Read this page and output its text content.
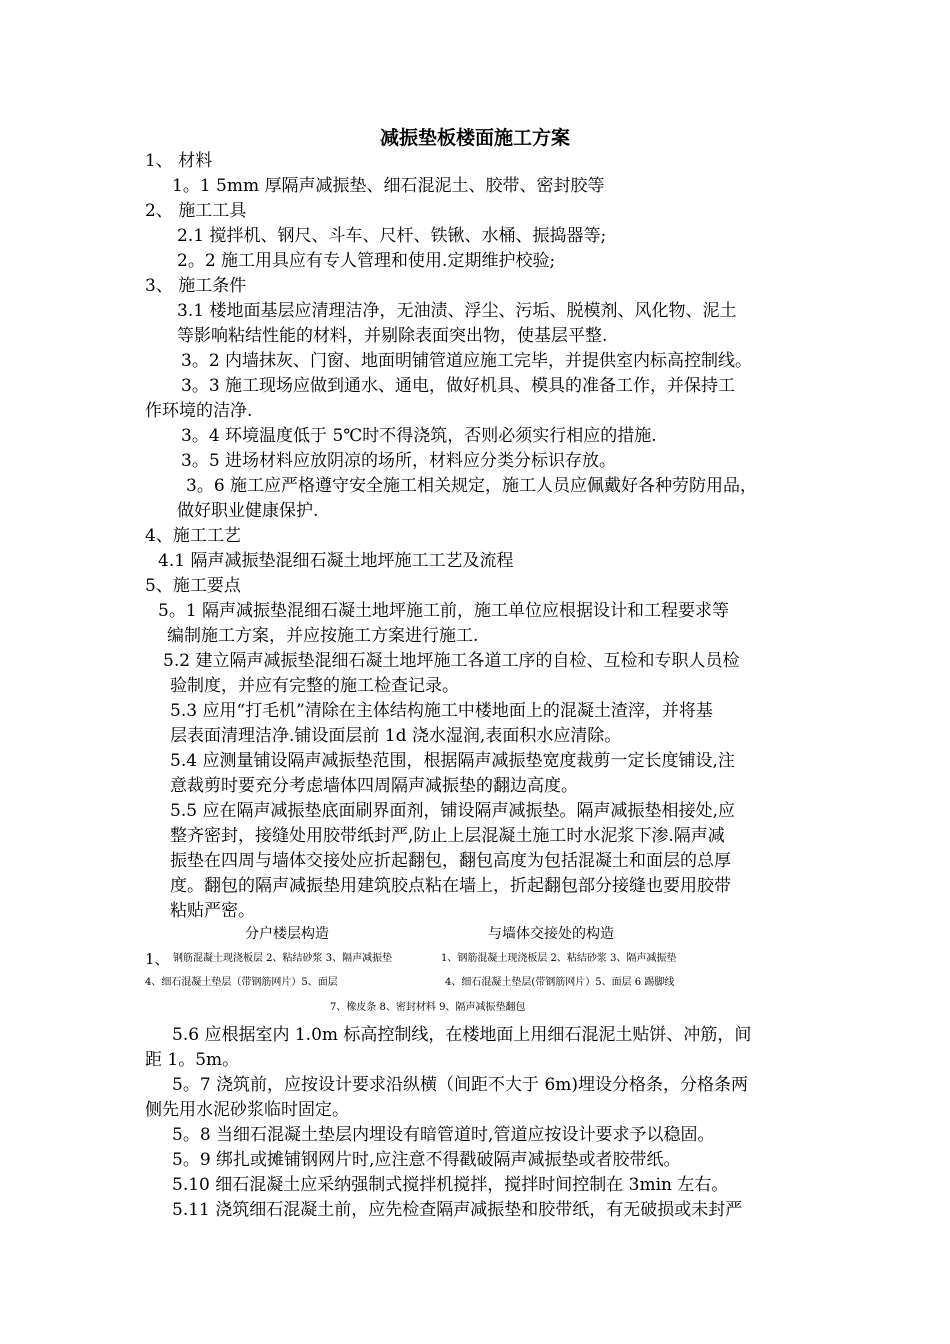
减振垫板楼面施工方案
1、 材料
1。1 5mm 厚隔声减振垫、细石混泥土、胶带、密封胶等
2、 施工工具
2.1 搅拌机、钢尺、斗车、尺杆、铁锹、水桶、振捣器等;
2。2 施工用具应有专人管理和使用.定期维护校验;
3、 施工条件
3.1 楼地面基层应清理洁净，无油渍、浮尘、污垢、脱模剂、风化物、泥土
等影响粘结性能的材料，并剔除表面突出物，使基层平整.
3。2 内墙抹灰、门窗、地面明铺管道应施工完毕，并提供室内标高控制线。
3。3 施工现场应做到通水、通电，做好机具、模具的准备工作，并保持工
作环境的洁净.
3。4 环境温度低于 5℃时不得浇筑，否则必须实行相应的措施.
3。5 进场材料应放阴凉的场所，材料应分类分标识存放。
3。6 施工应严格遵守安全施工相关规定，施工人员应佩戴好各种劳防用品，
做好职业健康保护.
4、施工工艺
4.1 隔声减振垫混细石凝土地坪施工工艺及流程
5、施工要点
5。1 隔声减振垫混细石凝土地坪施工前，施工单位应根据设计和工程要求等
编制施工方案，并应按施工方案进行施工.
5.2 建立隔声减振垫混细石凝土地坪施工各道工序的自检、互检和专职人员检
验制度，并应有完整的施工检查记录。
5.3 应用“打毛机”清除在主体结构施工中楼地面上的混凝土渣滓，并将基
层表面清理洁净.铺设面层前 1d 浇水湿润,表面积水应清除。
5.4 应测量铺设隔声减振垫范围，根据隔声减振垫宽度裁剪一定长度铺设,注
意裁剪时要充分考虑墙体四周隔声减振垫的翻边高度。
5.5 应在隔声减振垫底面刷界面剂，铺设隔声减振垫。隔声减振垫相接处,应
整齐密封，接缝处用胶带纸封严,防止上层混凝土施工时水泥浆下渗.隔声减
振垫在四周与墙体交接处应折起翻包，翻包高度为包括混凝土和面层的总厚
度。翻包的隔声减振垫用建筑胶点粘在墙上，折起翻包部分接缝也要用胶带
粘贴严密。
分户楼层构造	与墙体交接处的构造
1、 钢筋混凝土现浇板层 2、粘结砂浆 3、隔声减振垫	1、钢筋混凝土现浇板层 2、粘结砂浆 3、隔声减振垫
4、细石混凝土垫层（带钢筋网片）5、面层	4、细石混凝土垫层(带钢筋网片）5、面层 6 踢脚线
7、橡皮条 8、密封材料 9、隔声减振垫翻包
5.6 应根据室内 1.0m 标高控制线，在楼地面上用细石混泥土贴饼、冲筋，间
距 1。5m。
5。7 浇筑前，应按设计要求沿纵横（间距不大于 6m)埋设分格条，分格条两
侧先用水泥砂浆临时固定。
5。8 当细石混凝土垫层内埋设有暗管道时,管道应按设计要求予以稳固。
5。9 绑扎或摊铺钢网片时,应注意不得戳破隔声减振垫或者胶带纸。
5.10 细石混凝土应采纳强制式搅拌机搅拌，搅拌时间控制在 3min 左右。
5.11 浇筑细石混凝土前，应先检查隔声减振垫和胶带纸，有无破损或未封严
